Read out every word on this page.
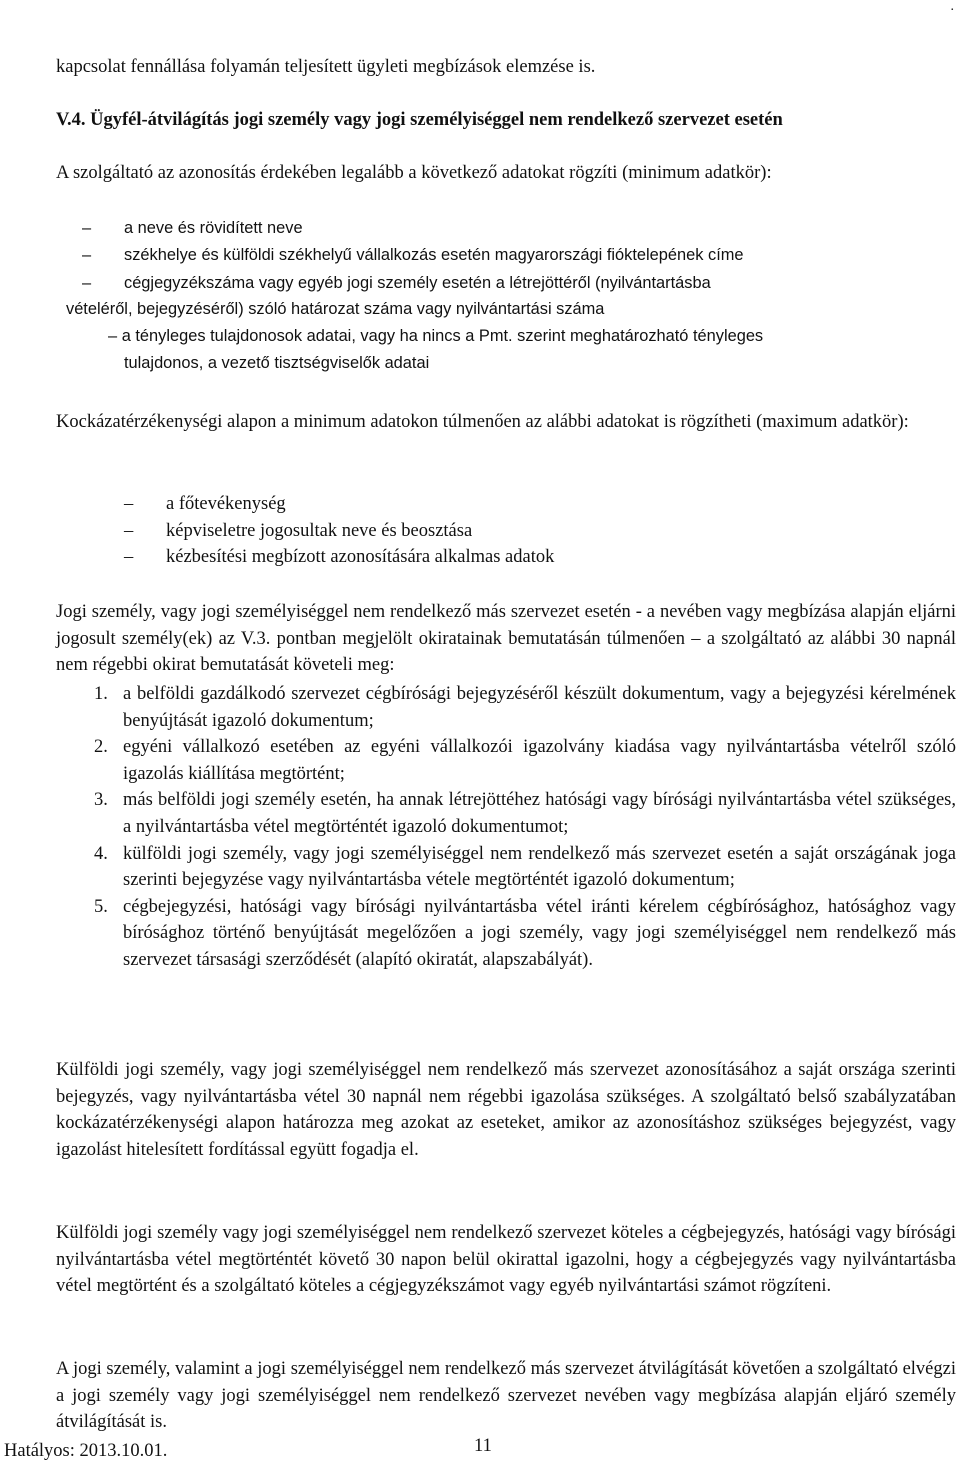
.

kapcsolat fennállása folyamán teljesített ügyleti megbízások elemzése is.

V.4. Ügyfél-átvilágítás jogi személy vagy jogi személyiséggel nem rendelkező szervezet esetén

A szolgáltató az azonosítás érdekében legalább a következő adatokat rögzíti (minimum adatkör):

– a neve és rövidített neve
– székhelye és külföldi székhelyű vállalkozás esetén magyarországi fióktelepének címe
– cégjegyzékszáma vagy egyéb jogi személy esetén a létrejöttéről (nyilvántartásba
vételéről, bejegyzéséről) szóló határozat száma vagy nyilvántartási száma
– a tényleges tulajdonosok adatai, vagy ha nincs a Pmt. szerint meghatározható tényleges
tulajdonos, a vezető tisztségviselők adatai

Kockázatérzékenységi alapon a minimum adatokon túlmenően az alábbi adatokat is rögzítheti (maximum adatkör):

– a főtevékenység
– képviseletre jogosultak neve és beosztása
– kézbesítési megbízott azonosítására alkalmas adatok

Jogi személy, vagy jogi személyiséggel nem rendelkező más szervezet esetén - a nevében vagy megbízása alapján eljárni jogosult személy(ek) az V.3. pontban megjelölt okiratainak bemutatásán túlmenően – a szolgáltató az alábbi 30 napnál nem régebbi okirat bemutatását követeli meg:

1. a belföldi gazdálkodó szervezet cégbírósági bejegyzéséről készült dokumentum, vagy a bejegyzési kérelmének benyújtását igazoló dokumentum;
2. egyéni vállalkozó esetében az egyéni vállalkozói igazolvány kiadása vagy nyilvántartásba vételről szóló igazolás kiállítása megtörtént;
3. más belföldi jogi személy esetén, ha annak létrejöttéhez hatósági vagy bírósági nyilvántartásba vétel szükséges, a nyilvántartásba vétel megtörténtét igazoló dokumentumot;
4. külföldi jogi személy, vagy jogi személyiséggel nem rendelkező más szervezet esetén a saját országának joga szerinti bejegyzése vagy nyilvántartásba vétele megtörténtét igazoló dokumentum;
5. cégbejegyzési, hatósági vagy bírósági nyilvántartásba vétel iránti kérelem cégbírósághoz, hatósághoz vagy bírósághoz történő benyújtását megelőzően a jogi személy, vagy jogi személyiséggel nem rendelkező más szervezet társasági szerződését (alapító okiratát, alapszabályát).

Külföldi jogi személy, vagy jogi személyiséggel nem rendelkező más szervezet azonosításához a saját országa szerinti bejegyzés, vagy nyilvántartásba vétel 30 napnál nem régebbi igazolása szükséges. A szolgáltató belső szabályzatában kockázatérzékenységi alapon határozza meg azokat az eseteket, amikor az azonosításhoz szükséges bejegyzést, vagy igazolást hitelesített fordítással együtt fogadja el.

Külföldi jogi személy vagy jogi személyiséggel nem rendelkező szervezet köteles a cégbejegyzés, hatósági vagy bírósági nyilvántartásba vétel megtörténtét követő 30 napon belül okirattal igazolni, hogy a cégbejegyzés vagy nyilvántartásba vétel megtörtént és a szolgáltató köteles a cégjegyzékszámot vagy egyéb nyilvántartási számot rögzíteni.

A jogi személy, valamint a jogi személyiséggel nem rendelkező más szervezet átvilágítását követően a szolgáltató elvégzi a jogi személy vagy jogi személyiséggel nem rendelkező szervezet nevében vagy megbízása alapján eljáró személy átvilágítását is.

Hatályos: 2013.10.01.	11
